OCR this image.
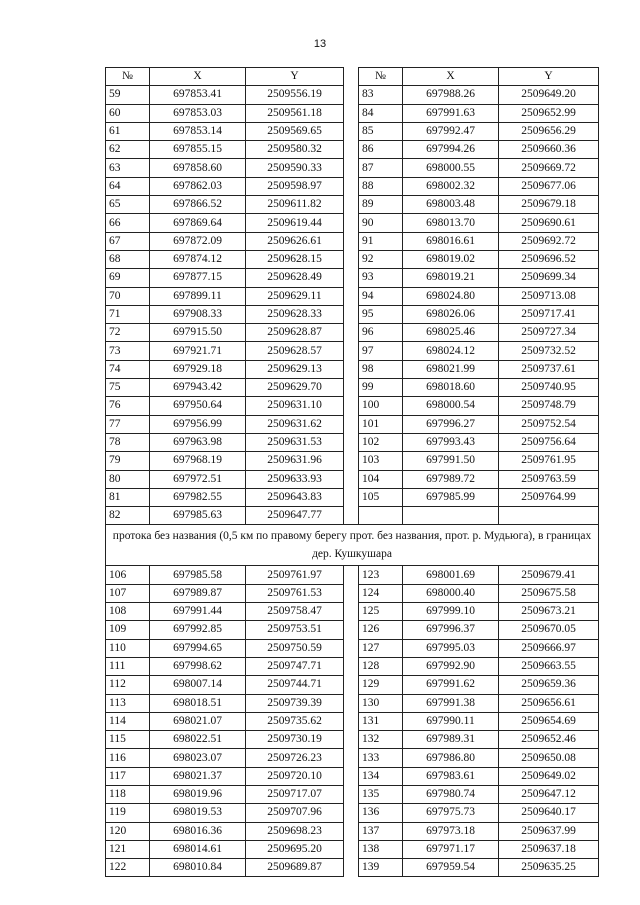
13
№	X	Y		№	X	Y
59	697853.41	2509556.19		83	697988.26	2509649.20
60	697853.03	2509561.18		84	697991.63	2509652.99
61	697853.14	2509569.65		85	697992.47	2509656.29
62	697855.15	2509580.32		86	697994.26	2509660.36
63	697858.60	2509590.33		87	698000.55	2509669.72
64	697862.03	2509598.97		88	698002.32	2509677.06
65	697866.52	2509611.82		89	698003.48	2509679.18
66	697869.64	2509619.44		90	698013.70	2509690.61
67	697872.09	2509626.61		91	698016.61	2509692.72
68	697874.12	2509628.15		92	698019.02	2509696.52
69	697877.15	2509628.49		93	698019.21	2509699.34
70	697899.11	2509629.11		94	698024.80	2509713.08
71	697908.33	2509628.33		95	698026.06	2509717.41
72	697915.50	2509628.87		96	698025.46	2509727.34
73	697921.71	2509628.57		97	698024.12	2509732.52
74	697929.18	2509629.13		98	698021.99	2509737.61
75	697943.42	2509629.70		99	698018.60	2509740.95
76	697950.64	2509631.10		100	698000.54	2509748.79
77	697956.99	2509631.62		101	697996.27	2509752.54
78	697963.98	2509631.53		102	697993.43	2509756.64
79	697968.19	2509631.96		103	697991.50	2509761.95
80	697972.51	2509633.93		104	697989.72	2509763.59
81	697982.55	2509643.83		105	697985.99	2509764.99
82	697985.63	2509647.77				
протока без названия (0,5 км по правому берегу прот. без названия, прот. р. Мудьюга), в границах дер. Кушкушара						
106	697985.58	2509761.97		123	698001.69	2509679.41
107	697989.87	2509761.53		124	698000.40	2509675.58
108	697991.44	2509758.47		125	697999.10	2509673.21
109	697992.85	2509753.51		126	697996.37	2509670.05
110	697994.65	2509750.59		127	697995.03	2509666.97
111	697998.62	2509747.71		128	697992.90	2509663.55
112	698007.14	2509744.71		129	697991.62	2509659.36
113	698018.51	2509739.39		130	697991.38	2509656.61
114	698021.07	2509735.62		131	697990.11	2509654.69
115	698022.51	2509730.19		132	697989.31	2509652.46
116	698023.07	2509726.23		133	697986.80	2509650.08
117	698021.37	2509720.10		134	697983.61	2509649.02
118	698019.96	2509717.07		135	697980.74	2509647.12
119	698019.53	2509707.96		136	697975.73	2509640.17
120	698016.36	2509698.23		137	697973.18	2509637.99
121	698014.61	2509695.20		138	697971.17	2509637.18
122	698010.84	2509689.87		139	697959.54	2509635.25
